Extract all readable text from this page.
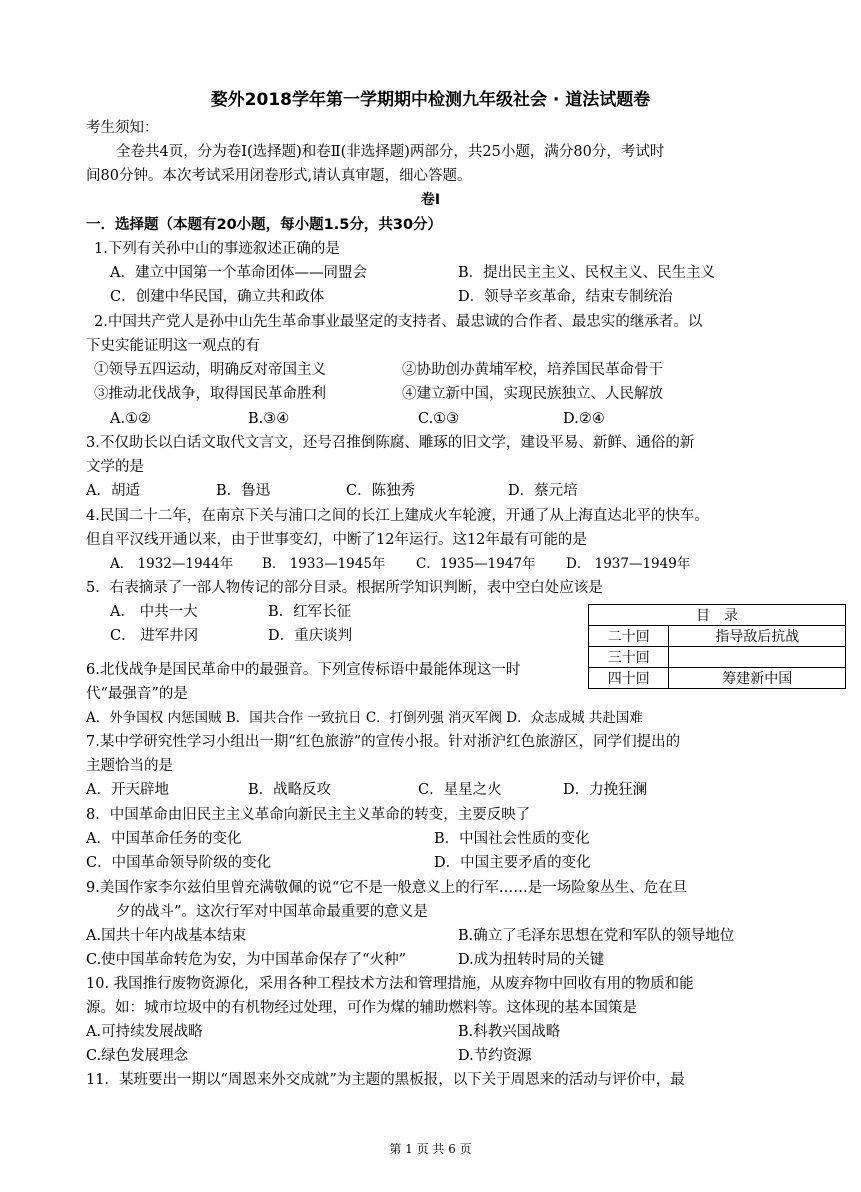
婺外2018学年第一学期期中检测九年级社会 · 道法试题卷
考生须知：
全卷共4页，分为卷Ⅰ(选择题)和卷Ⅱ(非选择题)两部分，共25小题，满分80分，考试时
间80分钟。本次考试采用闭卷形式,请认真审题，细心答题。
卷Ⅰ
一．选择题（本题有20小题，每小题1.5分，共30分）
1.下列有关孙中山的事迹叙述正确的是
A．建立中国第一个革命团体——同盟会	B．提出民主主义、民权主义、民生主义
C．创建中华民国，确立共和政体	D．领导辛亥革命，结束专制统治
2.中国共产党人是孙中山先生革命事业最坚定的支持者、最忠诚的合作者、最忠实的继承者。以
下史实能证明这一观点的有
①领导五四运动，明确反对帝国主义	②协助创办黄埔军校，培养国民革命骨干
③推动北伐战争，取得国民革命胜利	④建立新中国，实现民族独立、人民解放
A.①②	B.③④	C.①③	D.②④
3.不仅助长以白话文取代文言文，还号召推倒陈腐、雕琢的旧文学，建设平易、新鲜、通俗的新
文学的是
A．胡适	B．鲁迅	C．陈独秀	D．蔡元培
4.民国二十二年，在南京下关与浦口之间的长江上建成火车轮渡，开通了从上海直达北平的快车。
但自平汉线开通以来，由于世事变幻，中断了12年运行。这12年最有可能的是
A． 1932—1944年 B． 1933—1945年 C．1935—1947年 D． 1937—1949年
5．右表摘录了一部人物传记的部分目录。根据所学知识判断，表中空白处应该是
A． 中共一大	B．红军长征
C． 进军井冈	D．重庆谈判
目　录	
二十回	指导敌后抗战
三十回	
四十回	筹建新中国
6.北伐战争是国民革命中的最强音。下列宣传标语中最能体现这一时
代“最强音”的是
A．外争国权 内惩国贼 B．国共合作 一致抗日 C．打倒列强 消灭军阀 D．众志成城 共赴国难
7.某中学研究性学习小组出一期“红色旅游”的宣传小报。针对浙沪红色旅游区，同学们提出的
主题恰当的是
A．开天辟地	B．战略反攻	C．星星之火	D．力挽狂澜
8．中国革命由旧民主主义革命向新民主主义革命的转变，主要反映了
A．中国革命任务的变化	B．中国社会性质的变化
C．中国革命领导阶级的变化	D．中国主要矛盾的变化
9.美国作家李尔兹伯里曾充满敬佩的说“它不是一般意义上的行军……是一场险象丛生、危在旦
夕的战斗”。这次行军对中国革命最重要的意义是
A.国共十年内战基本结束	B.确立了毛泽东思想在党和军队的领导地位
C.使中国革命转危为安，为中国革命保存了“火种”	D.成为扭转时局的关键
10. 我国推行废物资源化，采用各种工程技术方法和管理措施，从废弃物中回收有用的物质和能
源。如：城市垃圾中的有机物经过处理，可作为煤的辅助燃料等。这体现的基本国策是
A.可持续发展战略	B.科教兴国战略
C.绿色发展理念	D.节约资源
11．某班要出一期以“周恩来外交成就”为主题的黑板报，以下关于周恩来的活动与评价中，最
第 1 页 共 6 页
